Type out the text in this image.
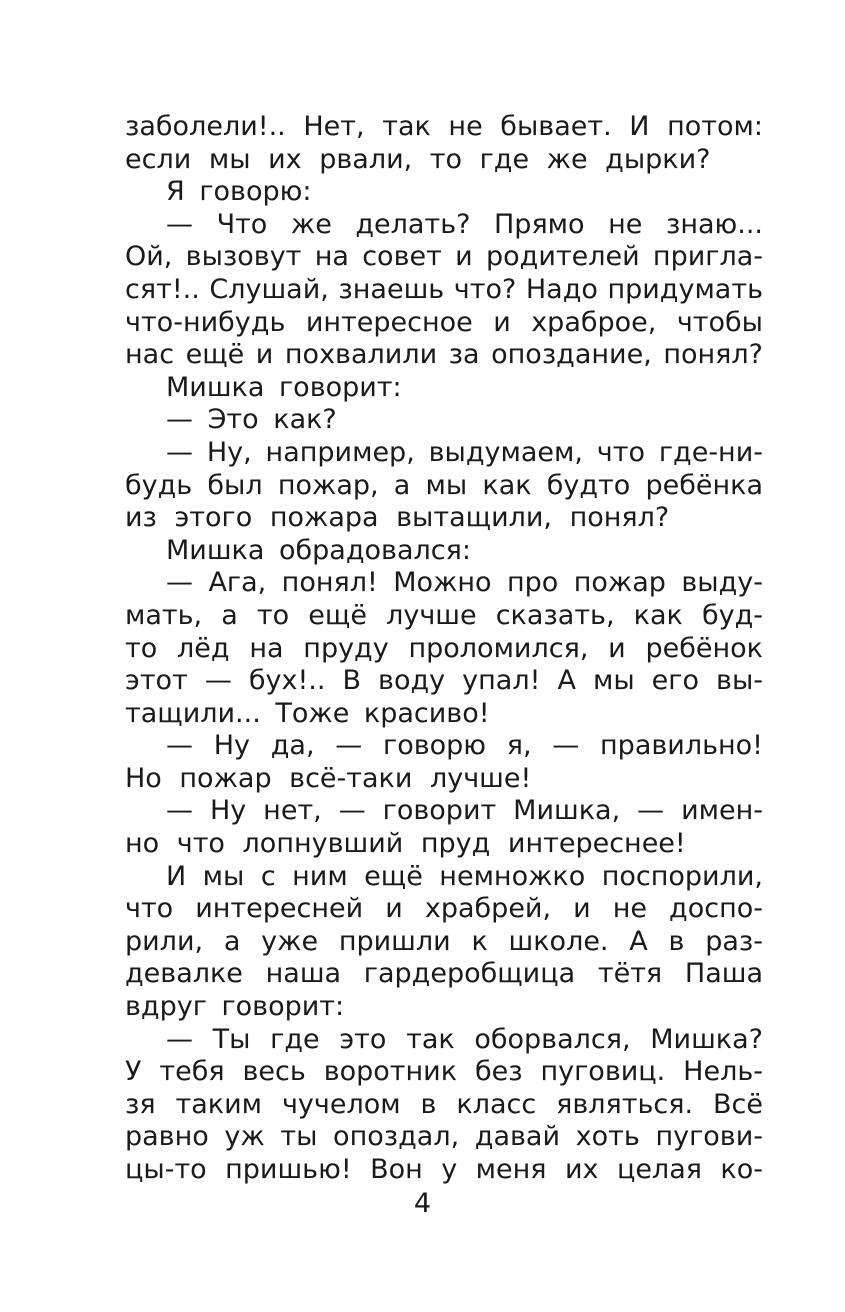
заболели!.. Нет, так не бывает. И потом:
если мы их рвали, то где же дырки?
Я говорю:
— Что же делать? Прямо не знаю...
Ой, вызовут на совет и родителей пригла-
сят!.. Слушай, знаешь что? Надо придумать
что-нибудь интересное и храброе, чтобы
нас ещё и похвалили за опоздание, понял?
Мишка говорит:
— Это как?
— Ну, например, выдумаем, что где-ни-
будь был пожар, а мы как будто ребёнка
из этого пожара вытащили, понял?
Мишка обрадовался:
— Ага, понял! Можно про пожар выду-
мать, а то ещё лучше сказать, как буд-
то лёд на пруду проломился, и ребёнок
этот — бух!.. В воду упал! А мы его вы-
тащили... Тоже красиво!
— Ну да, — говорю я, — правильно!
Но пожар всё-таки лучше!
— Ну нет, — говорит Мишка, — имен-
но что лопнувший пруд интереснее!
И мы с ним ещё немножко поспорили,
что интересней и храбрей, и не доспо-
рили, а уже пришли к школе. А в раз-
девалке наша гардеробщица тётя Паша
вдруг говорит:
— Ты где это так оборвался, Мишка?
У тебя весь воротник без пуговиц. Нель-
зя таким чучелом в класс являться. Всё
равно уж ты опоздал, давай хоть пугови-
цы-то пришью! Вон у меня их целая ко-
4
